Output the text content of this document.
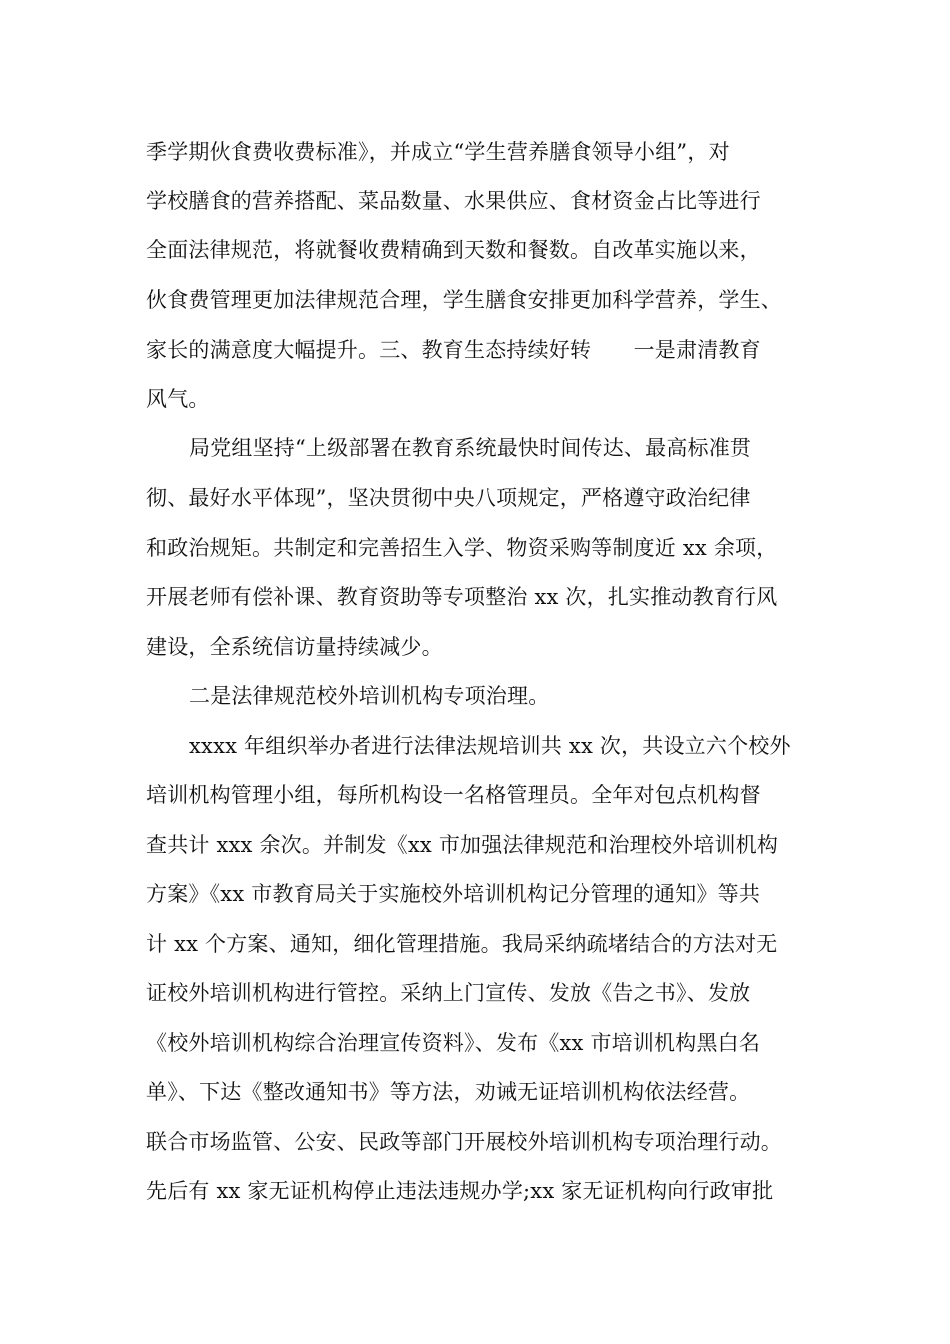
季学期伙食费收费标准》，并成立“学生营养膳食领导小组”，对
学校膳食的营养搭配、菜品数量、水果供应、食材资金占比等进行
全面法律规范，将就餐收费精确到天数和餐数。自改革实施以来，
伙食费管理更加法律规范合理，学生膳食安排更加科学营养，学生、
家长的满意度大幅提升。三、教育生态持续好转　　一是肃清教育
风气。
局党组坚持“上级部署在教育系统最快时间传达、最高标准贯
彻、最好水平体现”，坚决贯彻中央八项规定，严格遵守政治纪律
和政治规矩。共制定和完善招生入学、物资采购等制度近 xx 余项，
开展老师有偿补课、教育资助等专项整治 xx 次，扎实推动教育行风
建设，全系统信访量持续减少。
二是法律规范校外培训机构专项治理。
xxxx 年组织举办者进行法律法规培训共 xx 次，共设立六个校外
培训机构管理小组，每所机构设一名格管理员。全年对包点机构督
查共计 xxx 余次。并制发《xx 市加强法律规范和治理校外培训机构
方案》《xx 市教育局关于实施校外培训机构记分管理的通知》等共
计 xx 个方案、通知，细化管理措施。我局采纳疏堵结合的方法对无
证校外培训机构进行管控。采纳上门宣传、发放《告之书》、发放
《校外培训机构综合治理宣传资料》、发布《xx 市培训机构黑白名
单》、下达《整改通知书》等方法，劝诫无证培训机构依法经营。
联合市场监管、公安、民政等部门开展校外培训机构专项治理行动。
先后有 xx 家无证机构停止违法违规办学;xx 家无证机构向行政审批
